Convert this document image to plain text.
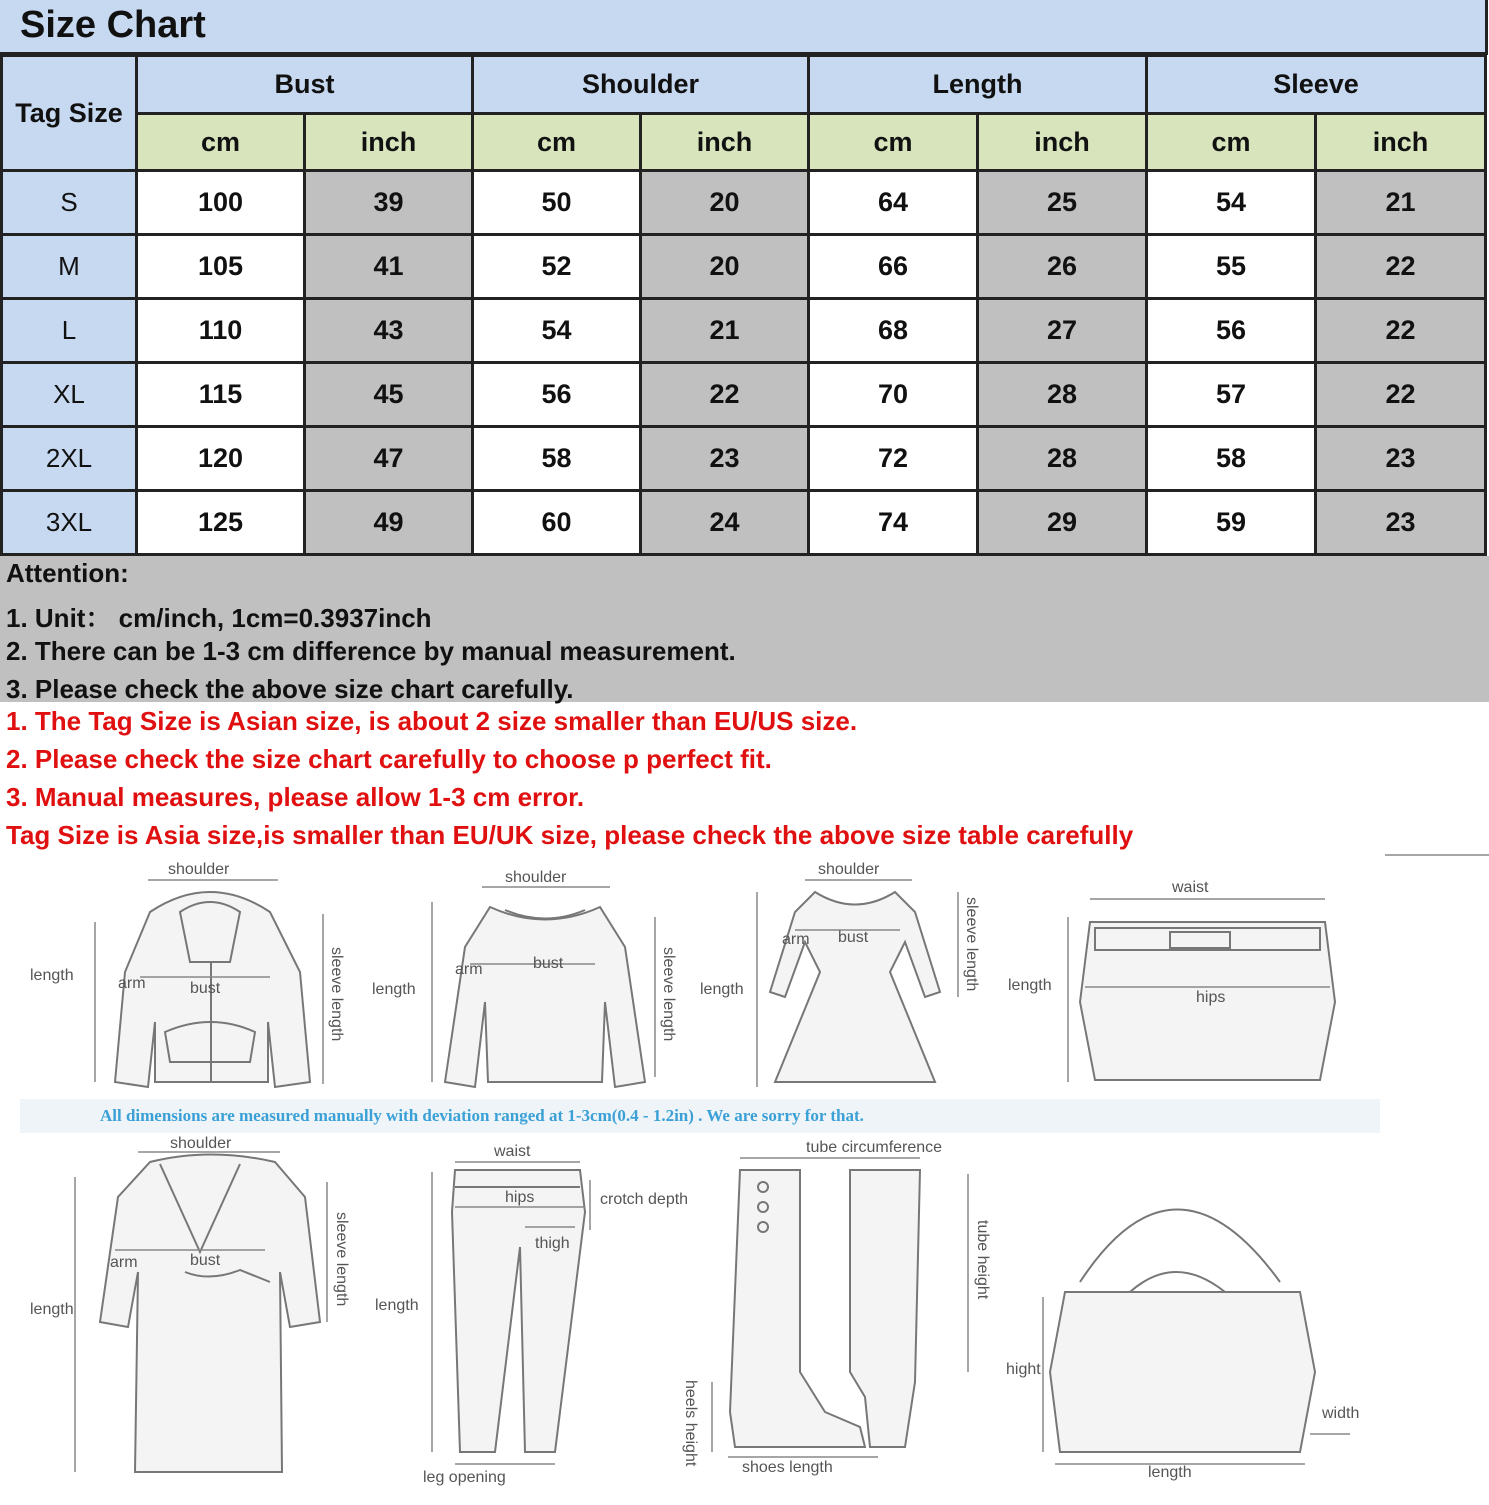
Size Chart
Tag Size	Bust		Shoulder		Length		Sleeve	
	cm	inch	cm	inch	cm	inch	cm	inch
S	100	39	50	20	64	25	54	21
M	105	41	52	20	66	26	55	22
L	110	43	54	21	68	27	56	22
XL	115	45	56	22	70	28	57	22
2XL	120	47	58	23	72	28	58	23
3XL	125	49	60	24	74	29	59	23
Attention:
1. Unit： cm/inch, 1cm=0.3937inch
2. There can be 1-3 cm difference by manual measurement.
3. Please check the above size chart carefully.
1. The Tag Size is Asian size, is about 2 size smaller than EU/US size.
2. Please check the size chart carefully to choose p perfect fit.
3. Manual measures, please allow 1-3 cm error.
Tag Size is Asia size,is smaller than EU/UK size, please check the above size table carefully
shoulder
length	arm	bust	sleeve length
shoulder
length
arm	bust	sleeve length
shoulder
length
arm bust	sleeve length
waist
length
hips
All dimensions are measured manually with deviation ranged at 1-3cm(0.4 - 1.2in) . We are sorry for that.
shoulder
length
arm	bust	sleeve length
waist
hips	crotch depth
thigh
length
leg opening
tube circumference
tube height
heels height
shoes length
hight
width
length
